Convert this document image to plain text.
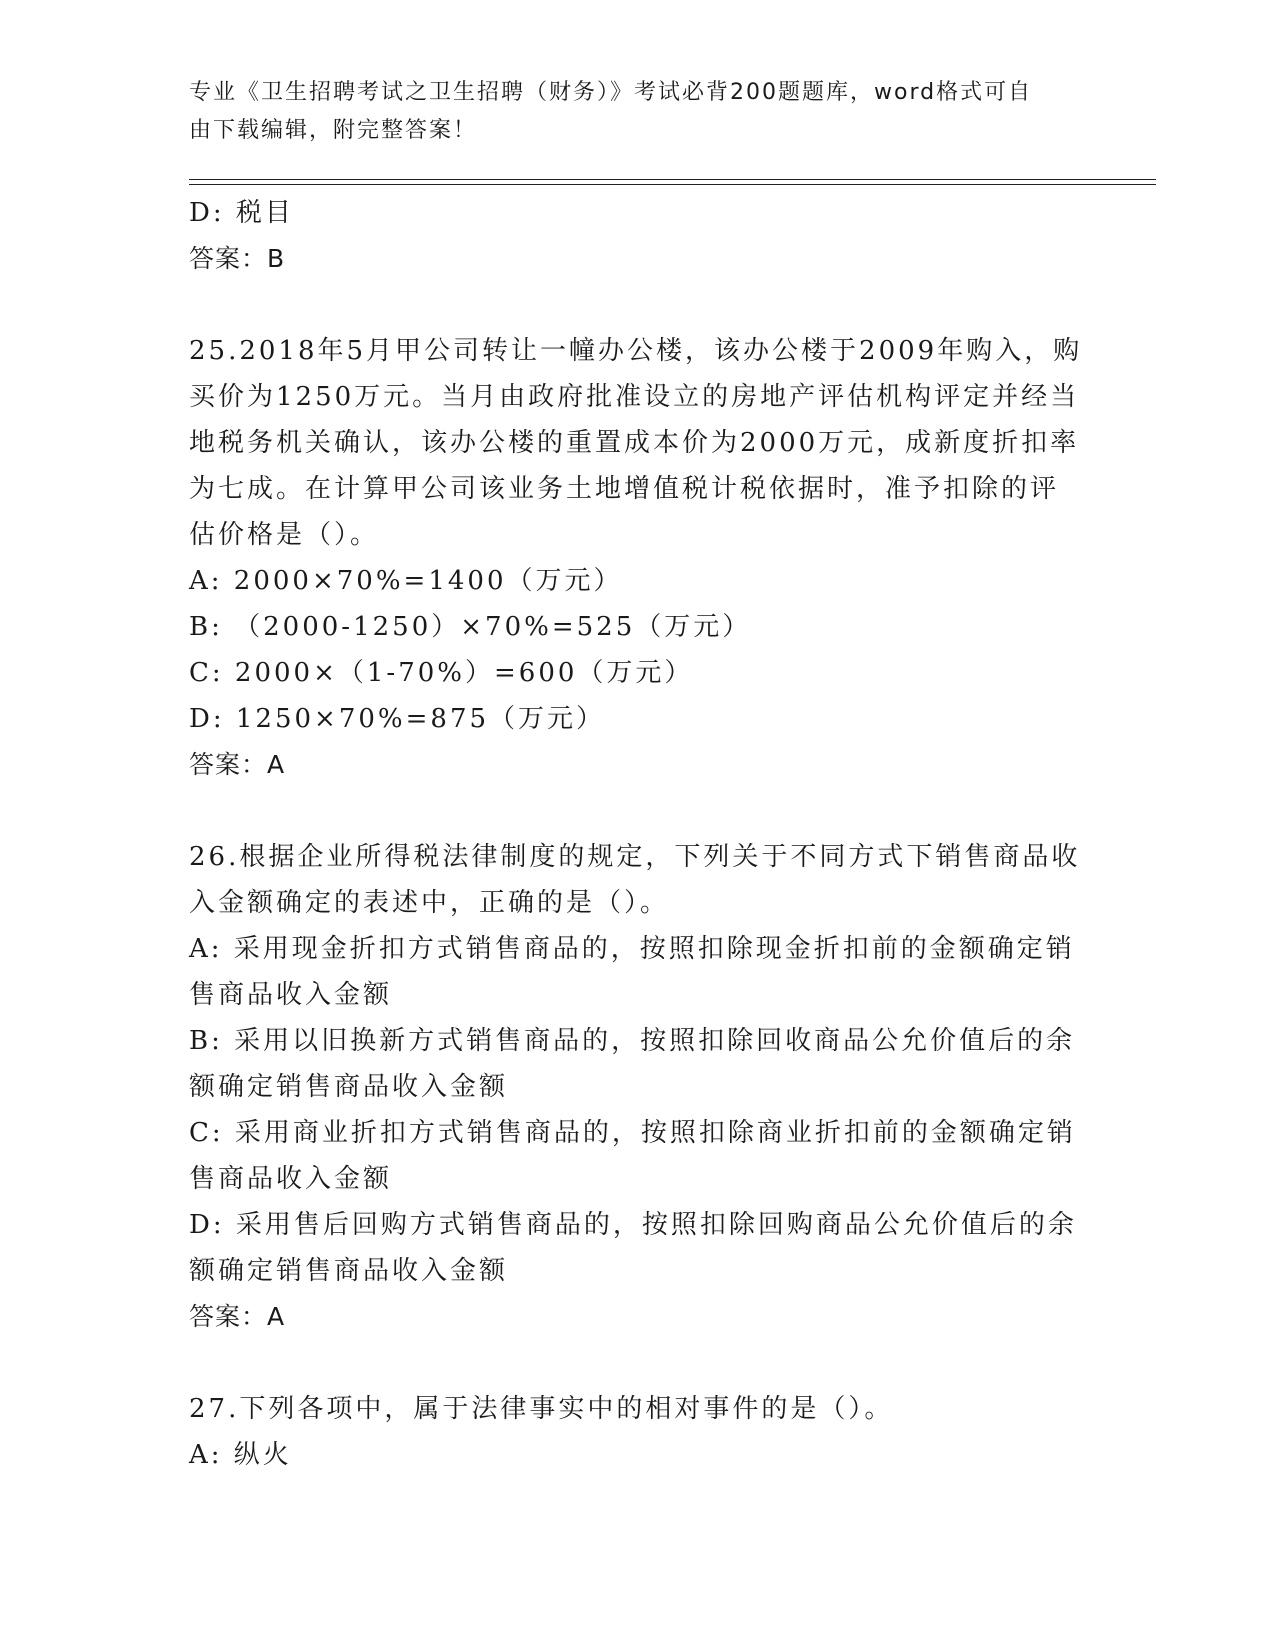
专业《卫生招聘考试之卫生招聘（财务）》考试必背200题题库，word格式可自
由下载编辑，附完整答案！
D: 税目
答案：B
25.2018年5月甲公司转让一幢办公楼，该办公楼于2009年购入，购
买价为1250万元。当月由政府批准设立的房地产评估机构评定并经当
地税务机关确认，该办公楼的重置成本价为2000万元，成新度折扣率
为七成。在计算甲公司该业务土地增值税计税依据时，准予扣除的评
估价格是（）。
A: 2000×70%=1400（万元）
B: （2000-1250）×70%=525（万元）
C: 2000×（1-70%）=600（万元）
D: 1250×70%=875（万元）
答案：A
26.根据企业所得税法律制度的规定，下列关于不同方式下销售商品收
入金额确定的表述中，正确的是（）。
A: 采用现金折扣方式销售商品的，按照扣除现金折扣前的金额确定销
售商品收入金额
B: 采用以旧换新方式销售商品的，按照扣除回收商品公允价值后的余
额确定销售商品收入金额
C: 采用商业折扣方式销售商品的，按照扣除商业折扣前的金额确定销
售商品收入金额
D: 采用售后回购方式销售商品的，按照扣除回购商品公允价值后的余
额确定销售商品收入金额
答案：A
27.下列各项中，属于法律事实中的相对事件的是（）。
A: 纵火
